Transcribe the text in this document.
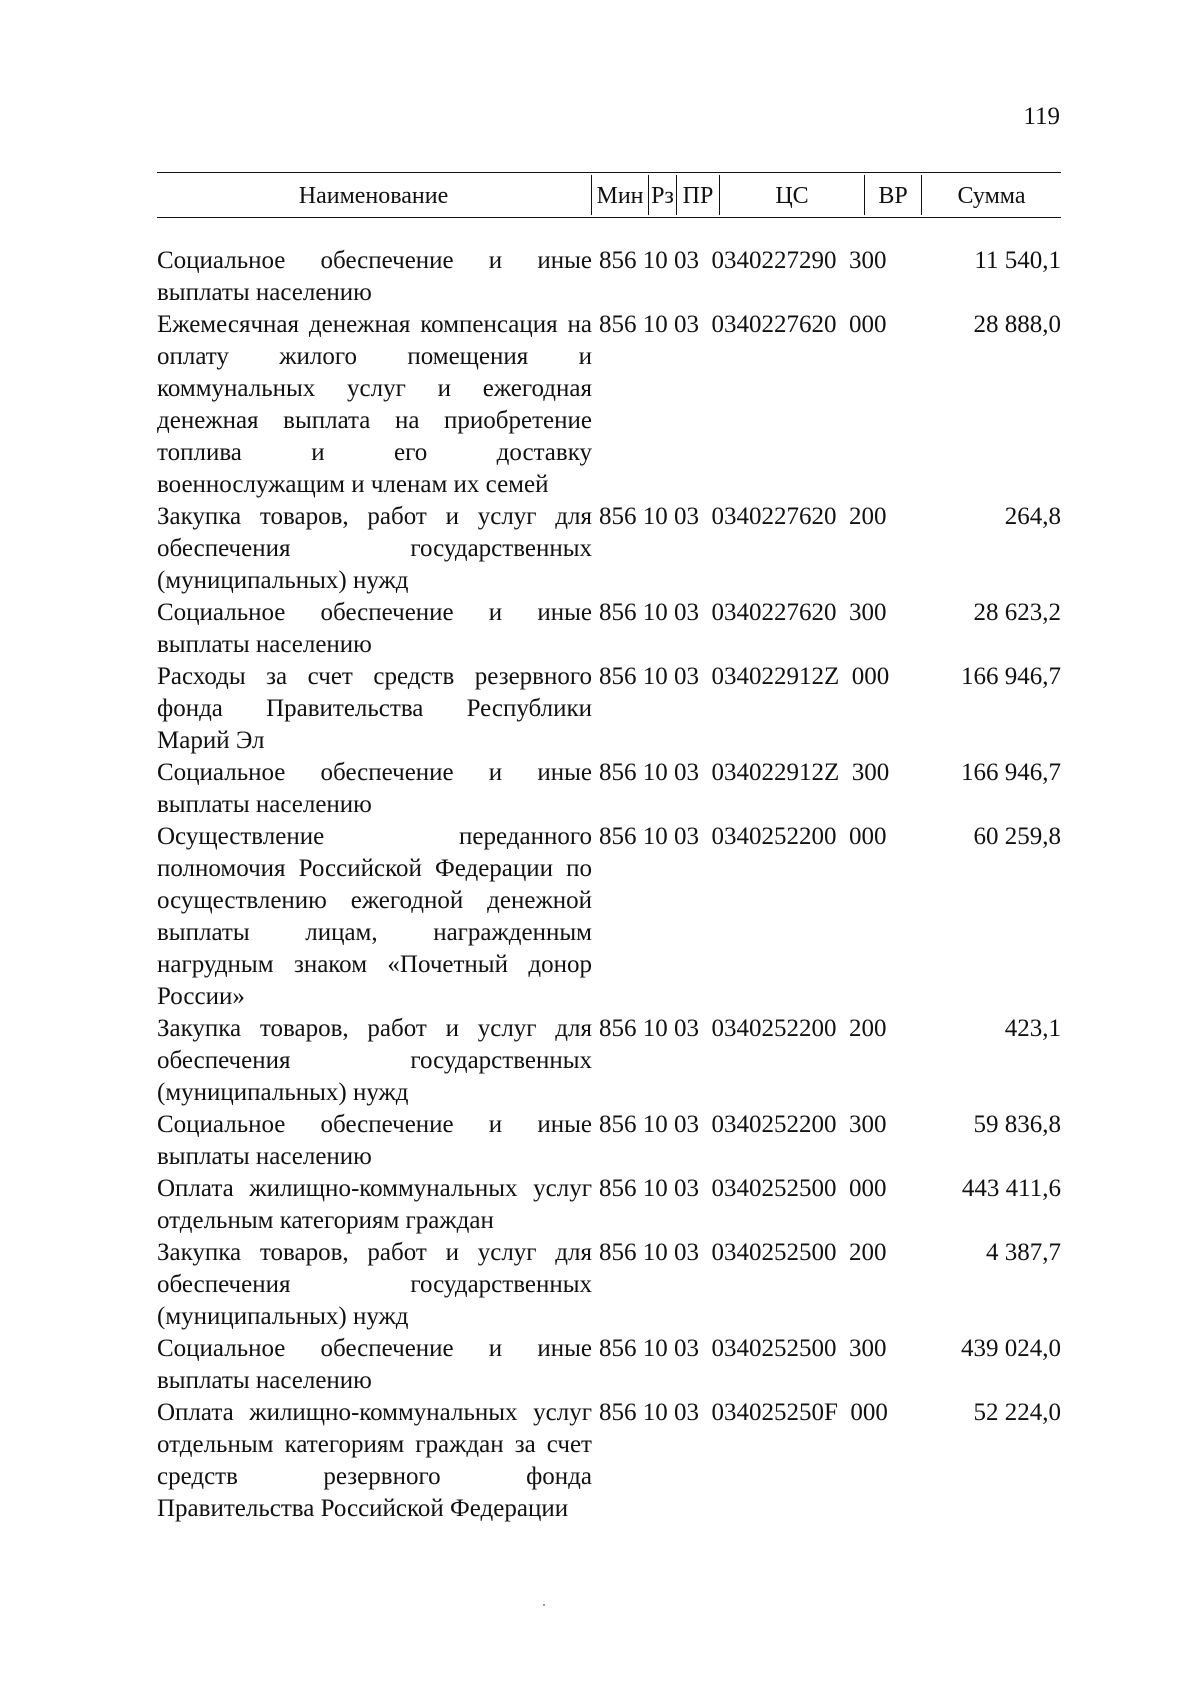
119
Наименование	Мин Рз ПР	ЦС	ВР	Сумма
Социальное обеспечение и иные выплаты населению
856 10 03  0340227290  300	11 540,1
Ежемесячная денежная компенсация на оплату жилого помещения и коммунальных услуг и ежегодная денежная выплата на приобретение топлива и его доставку военнослужащим и членам их семей
856 10 03  0340227620  000	28 888,0
Закупка товаров, работ и услуг для обеспечения государственных (муниципальных) нужд
856 10 03  0340227620  200	264,8
Социальное обеспечение и иные выплаты населению
856 10 03  0340227620  300	28 623,2
Расходы за счет средств резервного фонда Правительства Республики Марий Эл
856 10 03  034022912Z  000	166 946,7
Социальное обеспечение и иные выплаты населению
856 10 03  034022912Z  300	166 946,7
Осуществление переданного полномочия Российской Федерации по осуществлению ежегодной денежной выплаты лицам, награжденным нагрудным знаком «Почетный донор России»
856 10 03  0340252200  000	60 259,8
Закупка товаров, работ и услуг для обеспечения государственных (муниципальных) нужд
856 10 03  0340252200  200	423,1
Социальное обеспечение и иные выплаты населению
856 10 03  0340252200  300	59 836,8
Оплата жилищно-коммунальных услуг отдельным категориям граждан
856 10 03  0340252500  000	443 411,6
Закупка товаров, работ и услуг для обеспечения государственных (муниципальных) нужд
856 10 03  0340252500  200	4 387,7
Социальное обеспечение и иные выплаты населению
856 10 03  0340252500  300	439 024,0
Оплата жилищно-коммунальных услуг отдельным категориям граждан за счет средств резервного фонда Правительства Российской Федерации
856 10 03  034025250F  000	52 224,0
